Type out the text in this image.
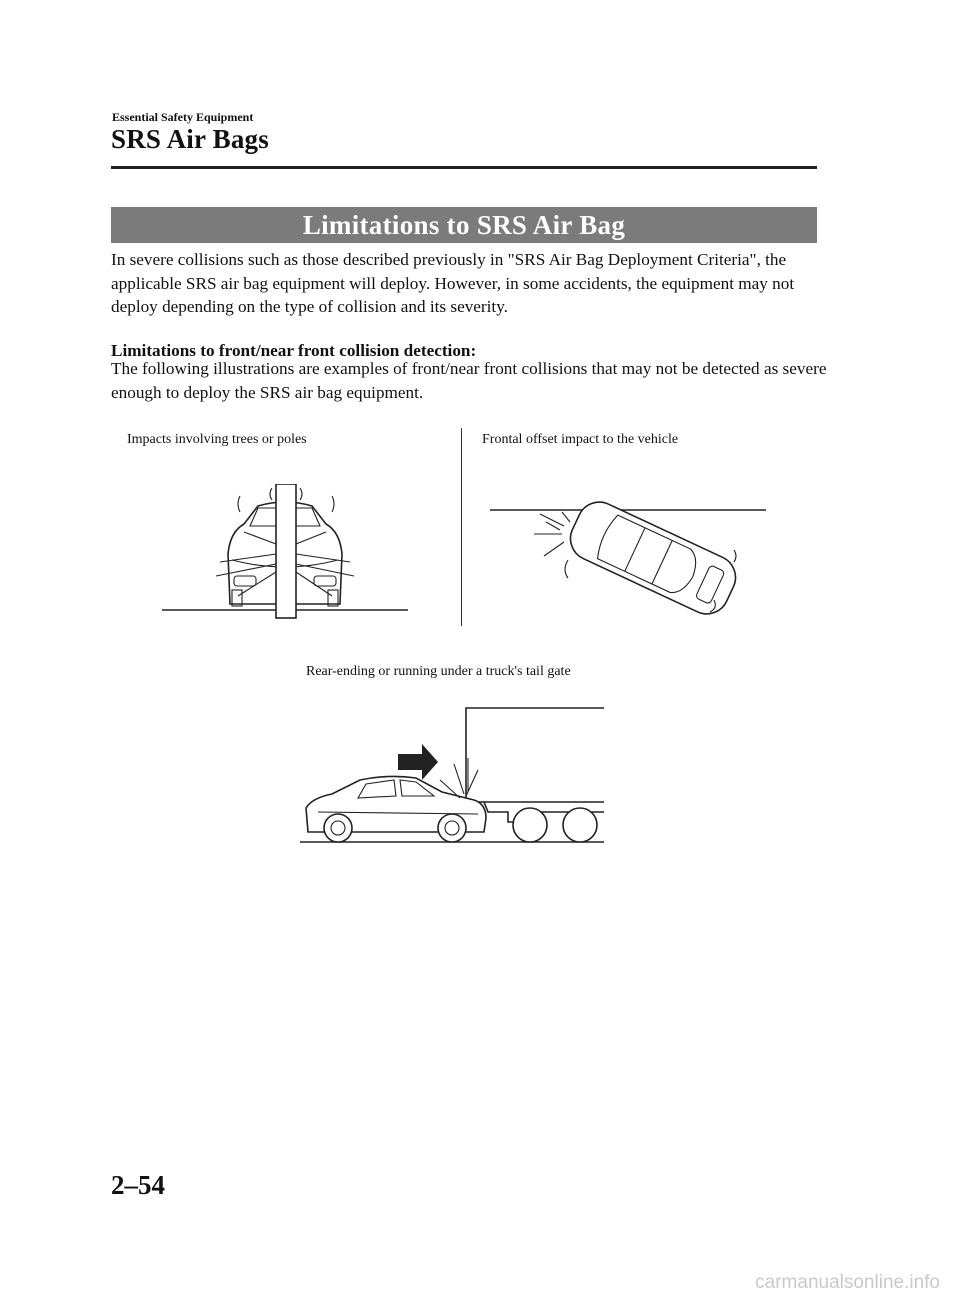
Essential Safety Equipment
SRS Air Bags
Limitations to SRS Air Bag
In severe collisions such as those described previously in "SRS Air Bag Deployment Criteria", the applicable SRS air bag equipment will deploy. However, in some accidents, the equipment may not deploy depending on the type of collision and its severity.
Limitations to front/near front collision detection:
The following illustrations are examples of front/near front collisions that may not be detected as severe enough to deploy the SRS air bag equipment.
Impacts involving trees or poles	Frontal offset impact to the vehicle
Rear-ending or running under a truck's tail gate
2–54
carmanualsonline.info
